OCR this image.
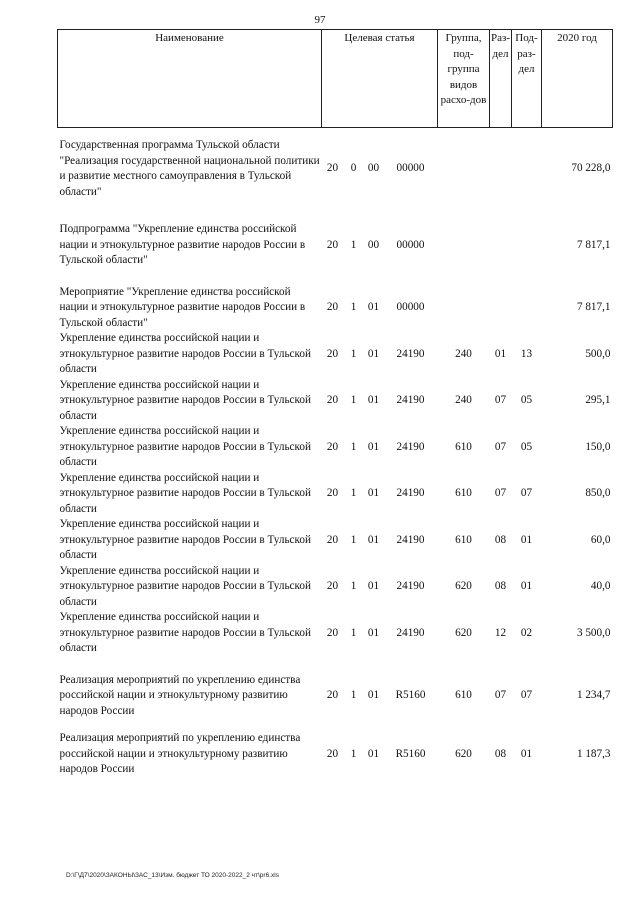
97
Наименование	Целевая статья				Группа, под-группа видов расхо-дов	Раз-дел	Под-раз-дел	2020 год
Государственная программа Тульской области "Реализация государственной национальной политики и развитие местного самоуправления в Тульской области"	20	0	00	00000				70 228,0
Подпрограмма "Укрепление единства российской нации и этнокультурное развитие народов России в Тульской области"	20	1	00	00000				7 817,1
Мероприятие "Укрепление единства российской нации и этнокультурное развитие народов России в Тульской области"	20	1	01	00000				7 817,1
Укрепление единства российской нации и этнокультурное развитие народов России в Тульской области	20	1	01	24190	240	01	13	500,0
Укрепление единства российской нации и этнокультурное развитие народов России в Тульской области	20	1	01	24190	240	07	05	295,1
Укрепление единства российской нации и этнокультурное развитие народов России в Тульской области	20	1	01	24190	610	07	05	150,0
Укрепление единства российской нации и этнокультурное развитие народов России в Тульской области	20	1	01	24190	610	07	07	850,0
Укрепление единства российской нации и этнокультурное развитие народов России в Тульской области	20	1	01	24190	610	08	01	60,0
Укрепление единства российской нации и этнокультурное развитие народов России в Тульской области	20	1	01	24190	620	08	01	40,0
Укрепление единства российской нации и этнокультурное развитие народов России в Тульской области	20	1	01	24190	620	12	02	3 500,0
Реализация мероприятий по укреплению единства российской нации и этнокультурному развитию народов России	20	1	01	R5160	610	07	07	1 234,7
Реализация мероприятий по укреплению единства российской нации и этнокультурному развитию народов России	20	1	01	R5160	620	08	01	1 187,3
D:\Г\Д7\2020\ЗАКОНЫ\ЗАС_13\Изм. бюджет ТО 2020-2022_2 чт\pr6.xls
